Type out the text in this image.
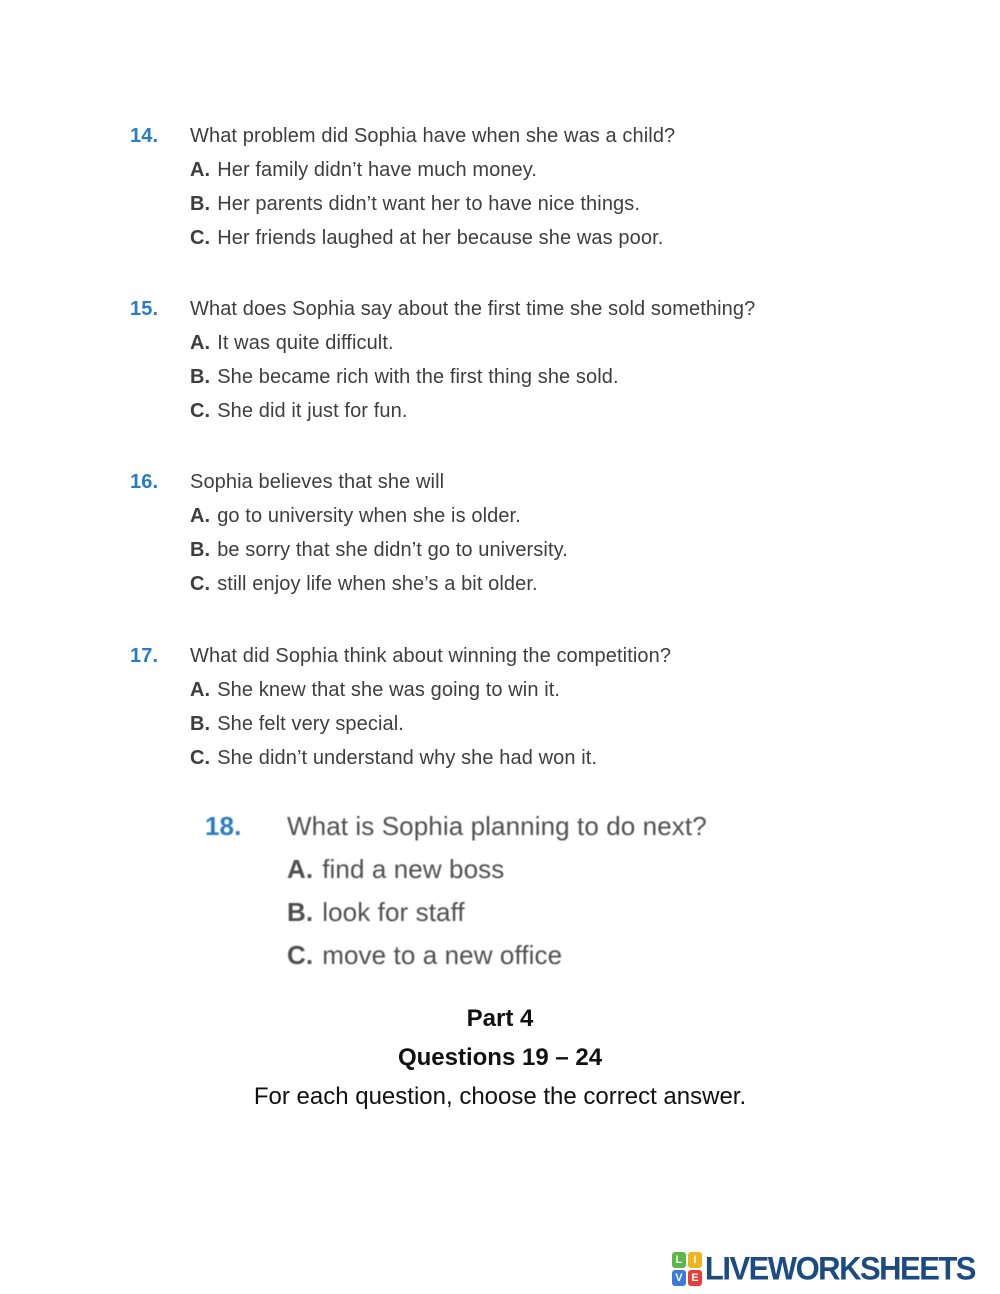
14.	What problem did Sophia have when she was a child?
A. Her family didn’t have much money.
B. Her parents didn’t want her to have nice things.
C. Her friends laughed at her because she was poor.
15.	What does Sophia say about the first time she sold something?
A. It was quite difficult.
B. She became rich with the first thing she sold.
C. She did it just for fun.
16.	Sophia believes that she will
A. go to university when she is older.
B. be sorry that she didn’t go to university.
C. still enjoy life when she’s a bit older.
17.	What did Sophia think about winning the competition?
A. She knew that she was going to win it.
B. She felt very special.
C. She didn’t understand why she had won it.
18.	What is Sophia planning to do next?
A. find a new boss
B. look for staff
C. move to a new office
Part 4
Questions 19 – 24
For each question, choose the correct answer.
L	I
V E LIVEWORKSHEETS
